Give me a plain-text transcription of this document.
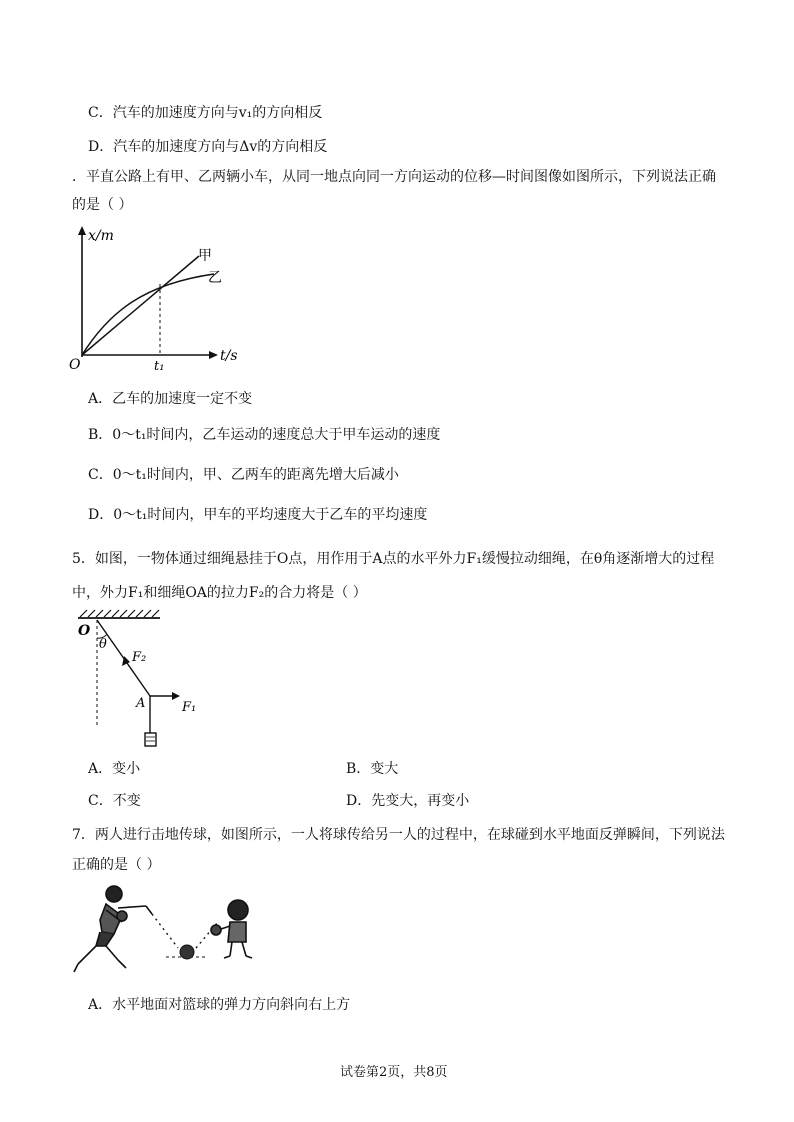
C．汽车的加速度方向与v₁的方向相反
D．汽车的加速度方向与Δv的方向相反
．平直公路上有甲、乙两辆小车，从同一地点向同一方向运动的位移—时间图像如图所示，下列说法正确
的是（ ）
x/m
t/s
O	t₁
甲
乙
A．乙车的加速度一定不变
B．0～t₁时间内，乙车运动的速度总大于甲车运动的速度
C．0～t₁时间内，甲、乙两车的距离先增大后减小
D．0～t₁时间内，甲车的平均速度大于乙车的平均速度
5．如图，一物体通过细绳悬挂于O点，用作用于A点的水平外力F₁缓慢拉动细绳，在θ角逐渐增大的过程
中，外力F₁和细绳OA的拉力F₂的合力将是（ ）
O
θ
F₂
A	F₁
A．变小	B．变大
C．不变	D．先变大，再变小
7．两人进行击地传球，如图所示，一人将球传给另一人的过程中，在球碰到水平地面反弹瞬间，下列说法
正确的是（ ）
A．水平地面对篮球的弹力方向斜向右上方
试卷第2页，共8页
